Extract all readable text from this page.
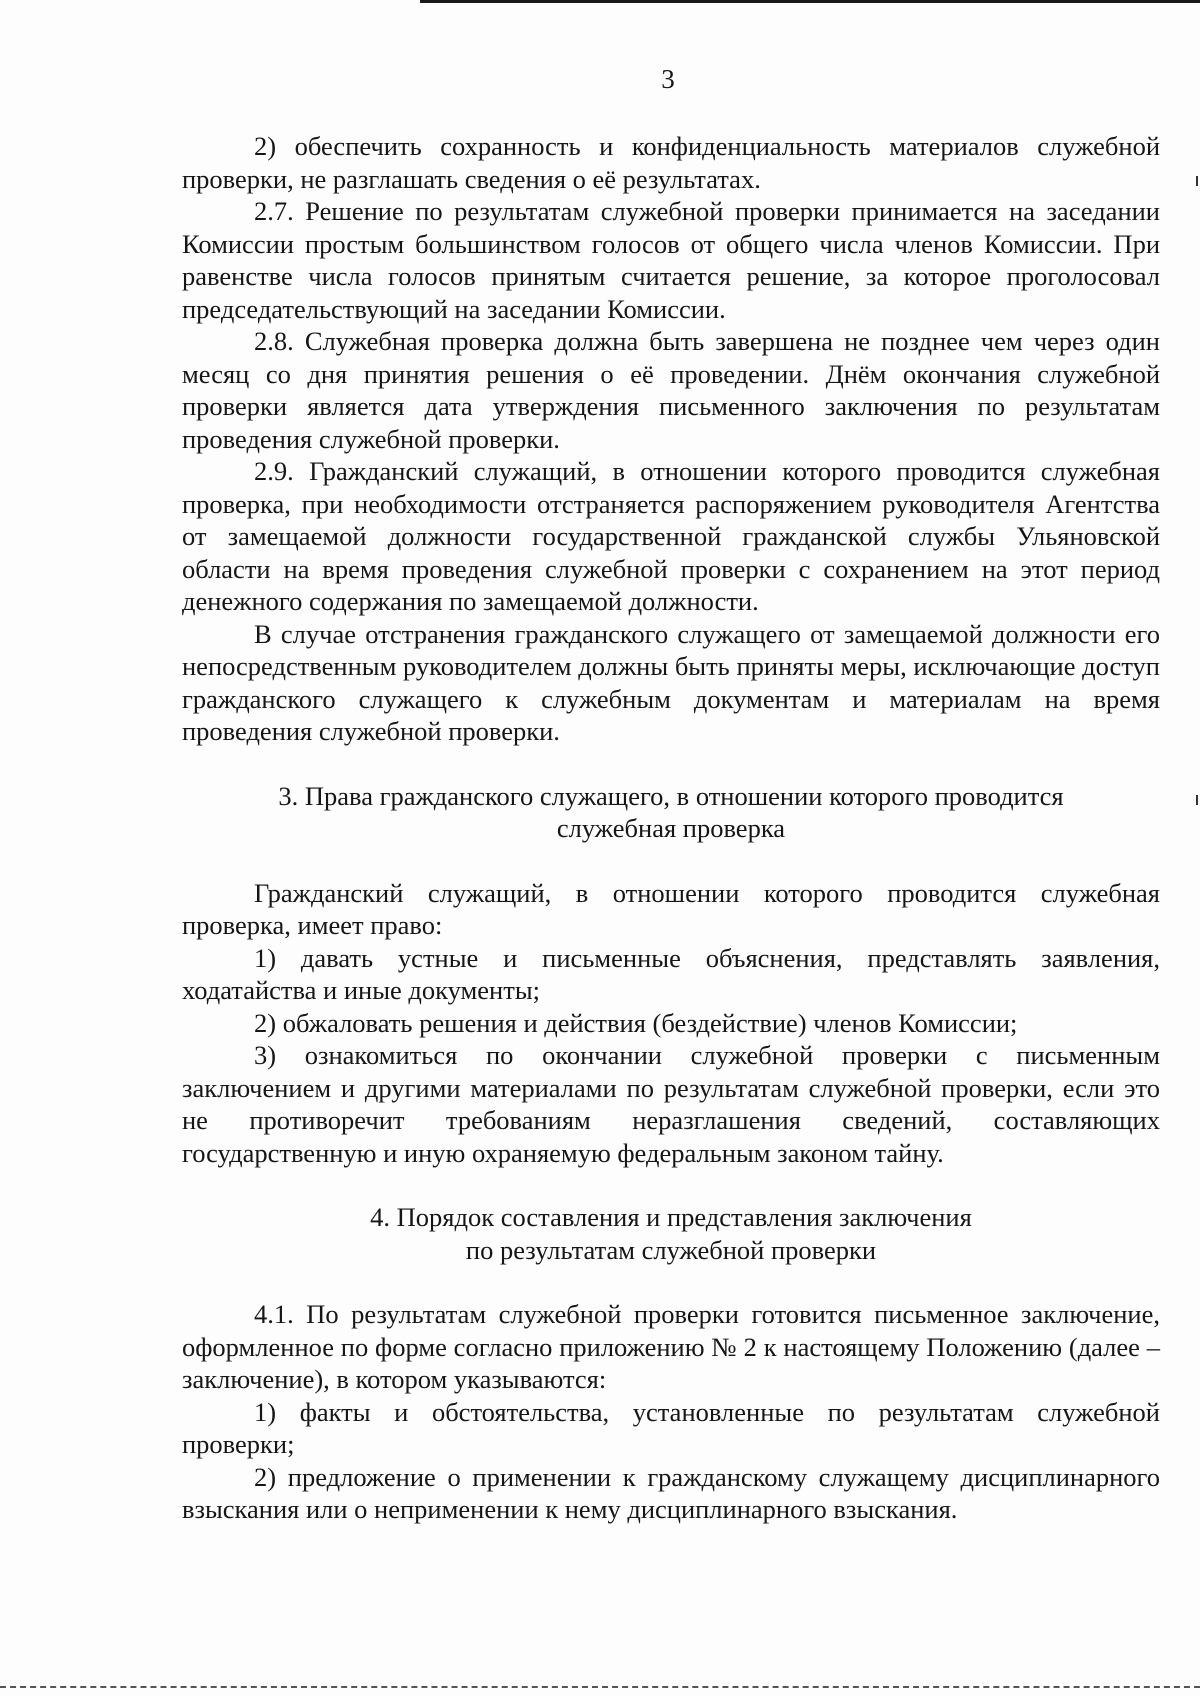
3

2) обеспечить сохранность и конфиденциальность материалов служебной проверки, не разглашать сведения о её результатах.

2.7. Решение по результатам служебной проверки принимается на заседании Комиссии простым большинством голосов от общего числа членов Комиссии. При равенстве числа голосов принятым считается решение, за которое проголосовал председательствующий на заседании Комиссии.

2.8. Служебная проверка должна быть завершена не позднее чем через один месяц со дня принятия решения о её проведении. Днём окончания служебной проверки является дата утверждения письменного заключения по результатам проведения служебной проверки.

2.9. Гражданский служащий, в отношении которого проводится служебная проверка, при необходимости отстраняется распоряжением руководителя Агентства от замещаемой должности государственной гражданской службы Ульяновской области на время проведения служебной проверки с сохранением на этот период денежного содержания по замещаемой должности.

В случае отстранения гражданского служащего от замещаемой должности его непосредственным руководителем должны быть приняты меры, исключающие доступ гражданского служащего к служебным документам и материалам на время проведения служебной проверки.

3. Права гражданского служащего, в отношении которого проводится
служебная проверка

Гражданский служащий, в отношении которого проводится служебная проверка, имеет право:

1) давать устные и письменные объяснения, представлять заявления, ходатайства и иные документы;

2) обжаловать решения и действия (бездействие) членов Комиссии;

3) ознакомиться по окончании служебной проверки с письменным заключением и другими материалами по результатам служебной проверки, если это не противоречит требованиям неразглашения сведений, составляющих государственную и иную охраняемую федеральным законом тайну.

4. Порядок составления и представления заключения
по результатам служебной проверки

4.1. По результатам служебной проверки готовится письменное заключение, оформленное по форме согласно приложению № 2 к настоящему Положению (далее – заключение), в котором указываются:

1) факты и обстоятельства, установленные по результатам служебной проверки;

2) предложение о применении к гражданскому служащему дисциплинарного взыскания или о неприменении к нему дисциплинарного взыскания.
